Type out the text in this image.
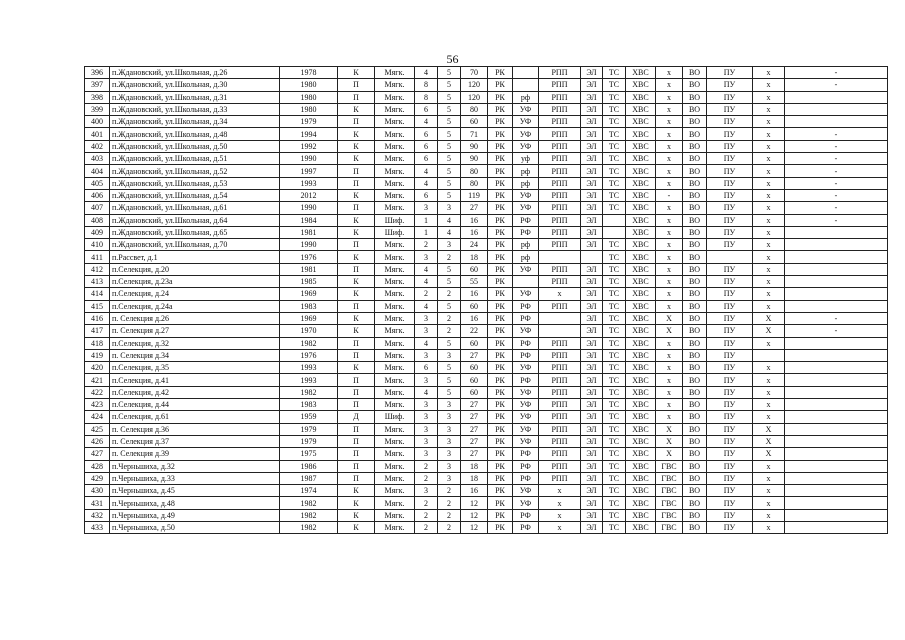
56
396	п.Ждановский, ул.Школьная, д.26	1978	К	Мягк.	4	5	70	РК		РПП	ЭЛ	ТС	ХВС	х	ВО	ПУ	х	-
397	п.Ждановский, ул.Школьная, д.30	1980	П	Мягк.	8	5	120	РК		РПП	ЭЛ	ТС	ХВС	х	ВО	ПУ	х	-
398	п.Ждановский, ул.Школьная, д.31	1980	П	Мягк.	8	5	120	РК	рф	РПП	ЭЛ	ТС	ХВС	х	ВО	ПУ	х	
399	п.Ждановский, ул.Школьная, д.33	1980	К	Мягк.	6	5	80	РК	УФ	РПП	ЭЛ	ТС	ХВС	х	ВО	ПУ	х	
400	п.Ждановский, ул.Школьная, д.34	1979	П	Мягк.	4	5	60	РК	УФ	РПП	ЭЛ	ТС	ХВС	х	ВО	ПУ	х	
401	п.Ждановский, ул.Школьная, д.48	1994	К	Мягк.	6	5	71	РК	УФ	РПП	ЭЛ	ТС	ХВС	х	ВО	ПУ	х	-
402	п.Ждановский, ул.Школьная, д.50	1992	К	Мягк.	6	5	90	РК	УФ	РПП	ЭЛ	ТС	ХВС	х	ВО	ПУ	х	-
403	п.Ждановский, ул.Школьная, д.51	1990	К	Мягк.	6	5	90	РК	уф	РПП	ЭЛ	ТС	ХВС	х	ВО	ПУ	х	-
404	п.Ждановский, ул.Школьная, д.52	1997	П	Мягк.	4	5	80	РК	рф	РПП	ЭЛ	ТС	ХВС	х	ВО	ПУ	х	-
405	п.Ждановский, ул.Школьная, д.53	1993	П	Мягк.	4	5	80	РК	рф	РПП	ЭЛ	ТС	ХВС	х	ВО	ПУ	х	-
406	п.Ждановский, ул.Школьная, д.54	2012	К	Мягк.	6	5	119	РК	УФ	РПП	ЭЛ	ТС	ХВС	-	ВО	ПУ	х	-
407	п.Ждановский, ул.Школьная, д.61	1990	П	Мягк.	3	3	27	РК	УФ	РПП	ЭЛ	ТС	ХВС	х	ВО	ПУ	х	-
408	п.Ждановский, ул.Школьная, д.64	1984	К	Шиф.	1	4	16	РК	РФ	РПП	ЭЛ		ХВС	х	ВО	ПУ	х	-
409	п.Ждановский, ул.Школьная, д.65	1981	К	Шиф.	1	4	16	РК	РФ	РПП	ЭЛ		ХВС	х	ВО	ПУ	х	
410	п.Ждановский, ул.Школьная, д.70	1990	П	Мягк.	2	3	24	РК	рф	РПП	ЭЛ	ТС	ХВС	х	ВО	ПУ	х	
411	п.Рассвет, д.1	1976	К	Мягк.	3	2	18	РК	рф			ТС	ХВС	х	ВО		х	
412	п.Селекция, д.20	1981	П	Мягк.	4	5	60	РК	УФ	РПП	ЭЛ	ТС	ХВС	х	ВО	ПУ	х	
413	п.Селекция, д.23а	1985	К	Мягк.	4	5	55	РК		РПП	ЭЛ	ТС	ХВС	х	ВО	ПУ	х	
414	п.Селекция, д.24	1969	К	Мягк.	2	2	16	РК	УФ	х	ЭЛ	ТС	ХВС	х	ВО	ПУ	х	
415	п.Селекция, д.24а	1983	П	Мягк.	4	5	60	РК	РФ	РПП	ЭЛ	ТС	ХВС	х	ВО	ПУ	х	
416	п. Селекция д.26	1969	К	Мягк.	3	2	16	РК	РФ		ЭЛ	ТС	ХВС	Х	ВО	ПУ	Х	-
417	п. Селекция д.27	1970	К	Мягк.	3	2	22	РК	УФ		ЭЛ	ТС	ХВС	Х	ВО	ПУ	Х	-
418	п.Селекция, д.32	1982	П	Мягк.	4	5	60	РК	РФ	РПП	ЭЛ	ТС	ХВС	х	ВО	ПУ	х	
419	п. Селекция д.34	1976	П	Мягк.	3	3	27	РК	РФ	РПП	ЭЛ	ТС	ХВС	х	ВО	ПУ		
420	п.Селекция, д.35	1993	К	Мягк.	6	5	60	РК	УФ	РПП	ЭЛ	ТС	ХВС	х	ВО	ПУ	х	
421	п.Селекция, д.41	1993	П	Мягк.	3	5	60	РК	РФ	РПП	ЭЛ	ТС	ХВС	х	ВО	ПУ	х	
422	п.Селекция, д.42	1982	П	Мягк.	4	5	60	РК	УФ	РПП	ЭЛ	ТС	ХВС	х	ВО	ПУ	х	
423	п.Селекция, д.44	1983	П	Мягк.	3	3	27	РК	УФ	РПП	ЭЛ	ТС	ХВС	х	ВО	ПУ	х	
424	п.Селекция, д.61	1959	Д	Шиф.	3	3	27	РК	УФ	РПП	ЭЛ	ТС	ХВС	х	ВО	ПУ	х	
425	п. Селекция д.36	1979	П	Мягк.	3	3	27	РК	УФ	РПП	ЭЛ	ТС	ХВС	Х	ВО	ПУ	Х	
426	п. Селекция д.37	1979	П	Мягк.	3	3	27	РК	УФ	РПП	ЭЛ	ТС	ХВС	Х	ВО	ПУ	Х	
427	п. Селекция д.39	1975	П	Мягк.	3	3	27	РК	РФ	РПП	ЭЛ	ТС	ХВС	Х	ВО	ПУ	Х	
428	п.Черньшиха, д.32	1986	П	Мягк.	2	3	18	РК	РФ	РПП	ЭЛ	ТС	ХВС	ГВС	ВО	ПУ	х	
429	п.Черньшиха, д.33	1987	П	Мягк.	2	3	18	РК	РФ	РПП	ЭЛ	ТС	ХВС	ГВС	ВО	ПУ	х	
430	п.Черньшиха, д.45	1974	К	Мягк.	3	2	16	РК	УФ	х	ЭЛ	ТС	ХВС	ГВС	ВО	ПУ	х	
431	п.Черньшиха, д.48	1982	К	Мягк.	2	2	12	РК	УФ	х	ЭЛ	ТС	ХВС	ГВС	ВО	ПУ	х	
432	п.Черньшиха, д.49	1982	К	Мягк.	2	2	12	РК	РФ	х	ЭЛ	ТС	ХВС	ГВС	ВО	ПУ	х	
433	п.Черньшиха, д.50	1982	К	Мягк.	2	2	12	РК	РФ	х	ЭЛ	ТС	ХВС	ГВС	ВО	ПУ	х	
